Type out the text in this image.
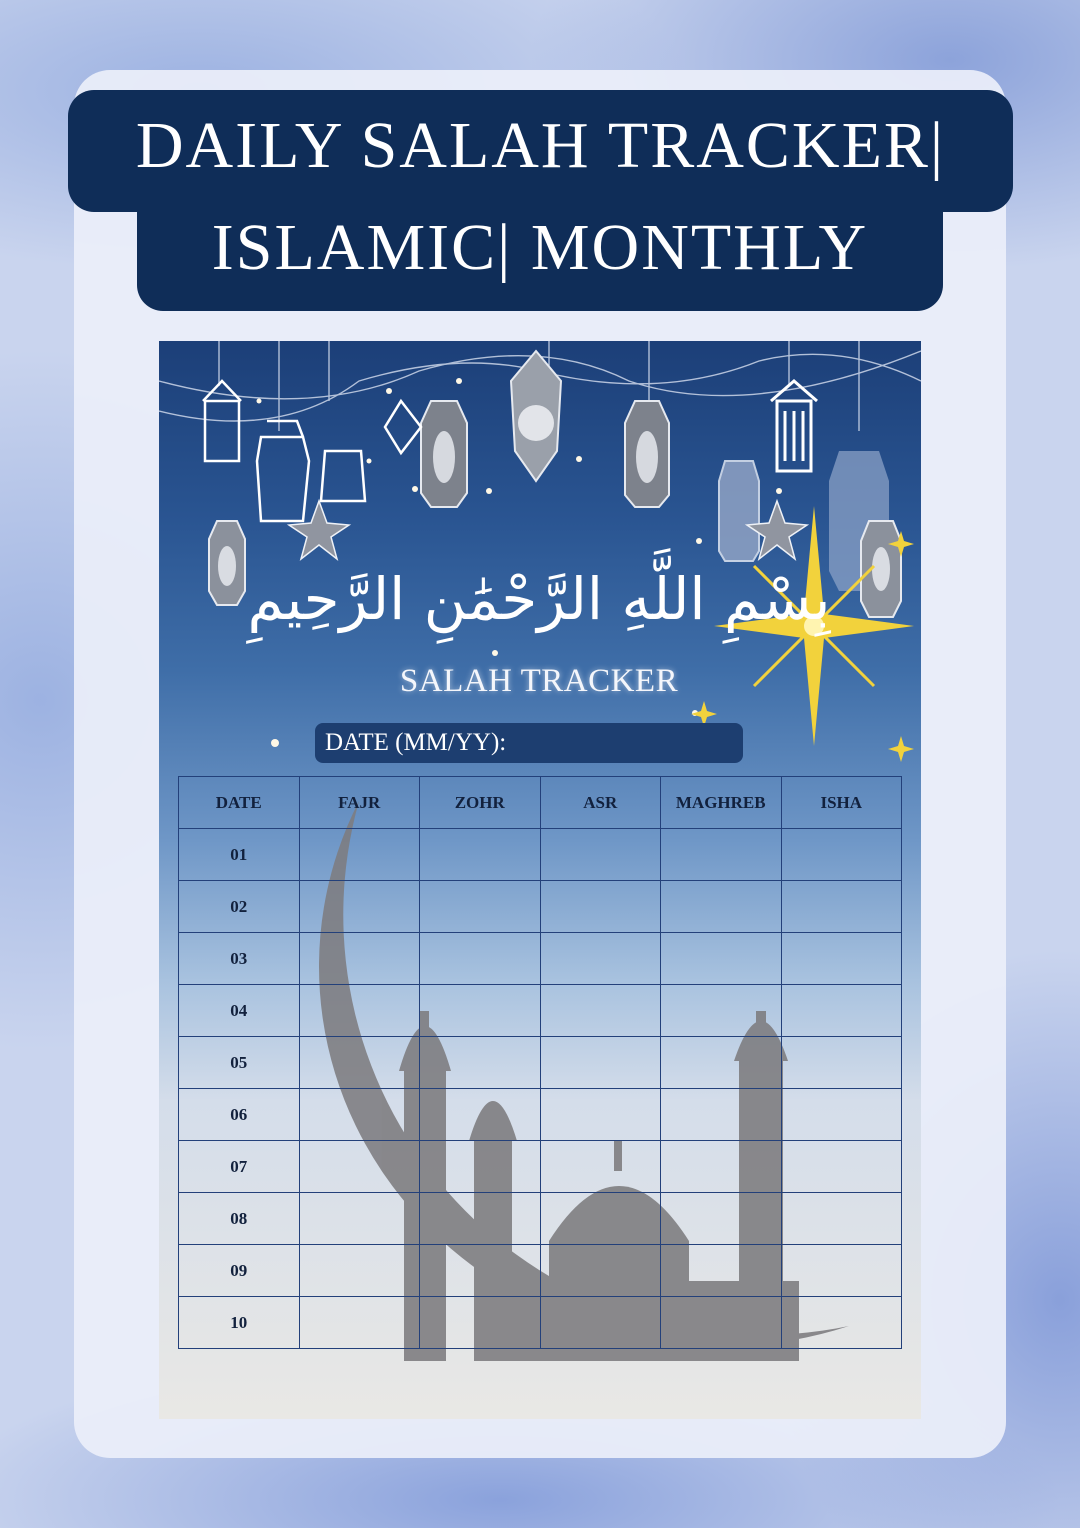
DAILY SALAH TRACKER|
ISLAMIC| MONTHLY
بِسْمِ اللَّهِ الرَّحْمَٰنِ الرَّحِيمِ
SALAH TRACKER
DATE (MM/YY):
DATE	FAJR	ZOHR	ASR	MAGHREB	ISHA
01					
02					
03					
04					
05					
06					
07					
08					
09					
10					
